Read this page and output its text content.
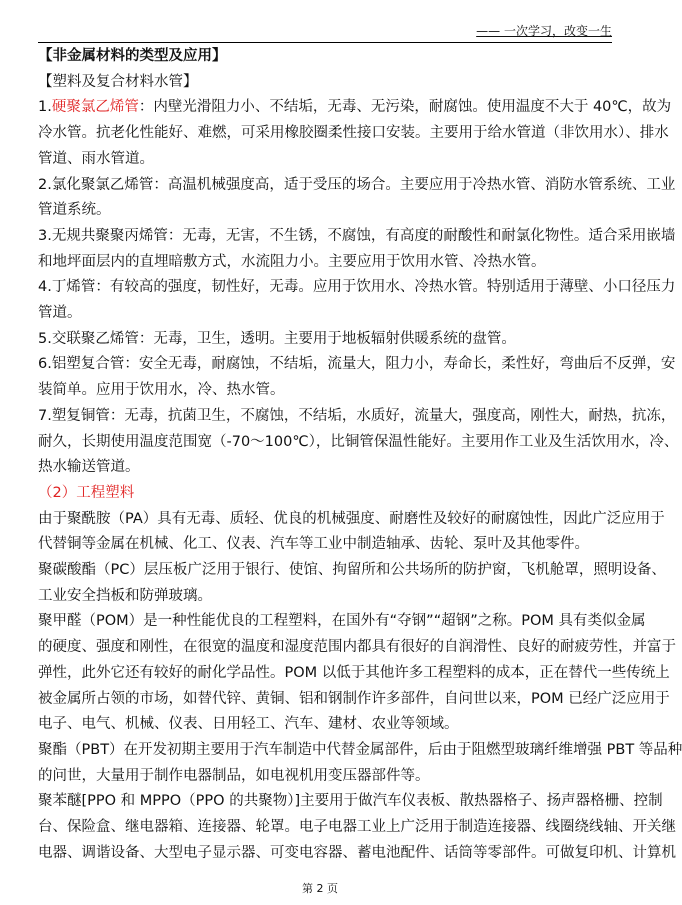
—— 一次学习，改变一生
【非金属材料的类型及应用】
【塑料及复合材料水管】
1.硬聚氯乙烯管：内壁光滑阻力小、不结垢，无毒、无污染，耐腐蚀。使用温度不大于 40℃，故为
冷水管。抗老化性能好、难燃，可采用橡胶圈柔性接口安装。主要用于给水管道（非饮用水）、排水
管道、雨水管道。
2.氯化聚氯乙烯管：高温机械强度高，适于受压的场合。主要应用于冷热水管、消防水管系统、工业
管道系统。
3.无规共聚聚丙烯管：无毒，无害，不生锈，不腐蚀，有高度的耐酸性和耐氯化物性。适合采用嵌墙
和地坪面层内的直埋暗敷方式，水流阻力小。主要应用于饮用水管、冷热水管。
4.丁烯管：有较高的强度，韧性好，无毒。应用于饮用水、冷热水管。特别适用于薄壁、小口径压力
管道。
5.交联聚乙烯管：无毒，卫生，透明。主要用于地板辐射供暖系统的盘管。
6.铝塑复合管：安全无毒，耐腐蚀，不结垢，流量大，阻力小，寿命长，柔性好，弯曲后不反弹，安
装简单。应用于饮用水，冷、热水管。
7.塑复铜管：无毒，抗菌卫生，不腐蚀，不结垢，水质好，流量大，强度高，刚性大，耐热，抗冻，
耐久，长期使用温度范围宽（-70～100℃），比铜管保温性能好。主要用作工业及生活饮用水，冷、
热水输送管道。
（2）工程塑料
由于聚酰胺（PA）具有无毒、质轻、优良的机械强度、耐磨性及较好的耐腐蚀性，因此广泛应用于
代替铜等金属在机械、化工、仪表、汽车等工业中制造轴承、齿轮、泵叶及其他零件。
聚碳酸酯（PC）层压板广泛用于银行、使馆、拘留所和公共场所的防护窗，飞机舱罩，照明设备、
工业安全挡板和防弹玻璃。
聚甲醛（POM）是一种性能优良的工程塑料，在国外有“夺钢”“超钢”之称。POM 具有类似金属
的硬度、强度和刚性，在很宽的温度和湿度范围内都具有很好的自润滑性、良好的耐疲劳性，并富于
弹性，此外它还有较好的耐化学品性。POM 以低于其他许多工程塑料的成本，正在替代一些传统上
被金属所占领的市场，如替代锌、黄铜、铝和钢制作许多部件，自问世以来，POM 已经广泛应用于
电子、电气、机械、仪表、日用轻工、汽车、建材、农业等领域。
聚酯（PBT）在开发初期主要用于汽车制造中代替金属部件，后由于阻燃型玻璃纤维增强 PBT 等品种
的问世，大量用于制作电器制品，如电视机用变压器部件等。
聚苯醚[PPO 和 MPPO（PPO 的共聚物）]主要用于做汽车仪表板、散热器格子、扬声器格栅、控制
台、保险盒、继电器箱、连接器、轮罩。电子电器工业上广泛用于制造连接器、线圈绕线轴、开关继
电器、调谐设备、大型电子显示器、可变电容器、蓄电池配件、话筒等零部件。可做复印机、计算机
第 2 页
